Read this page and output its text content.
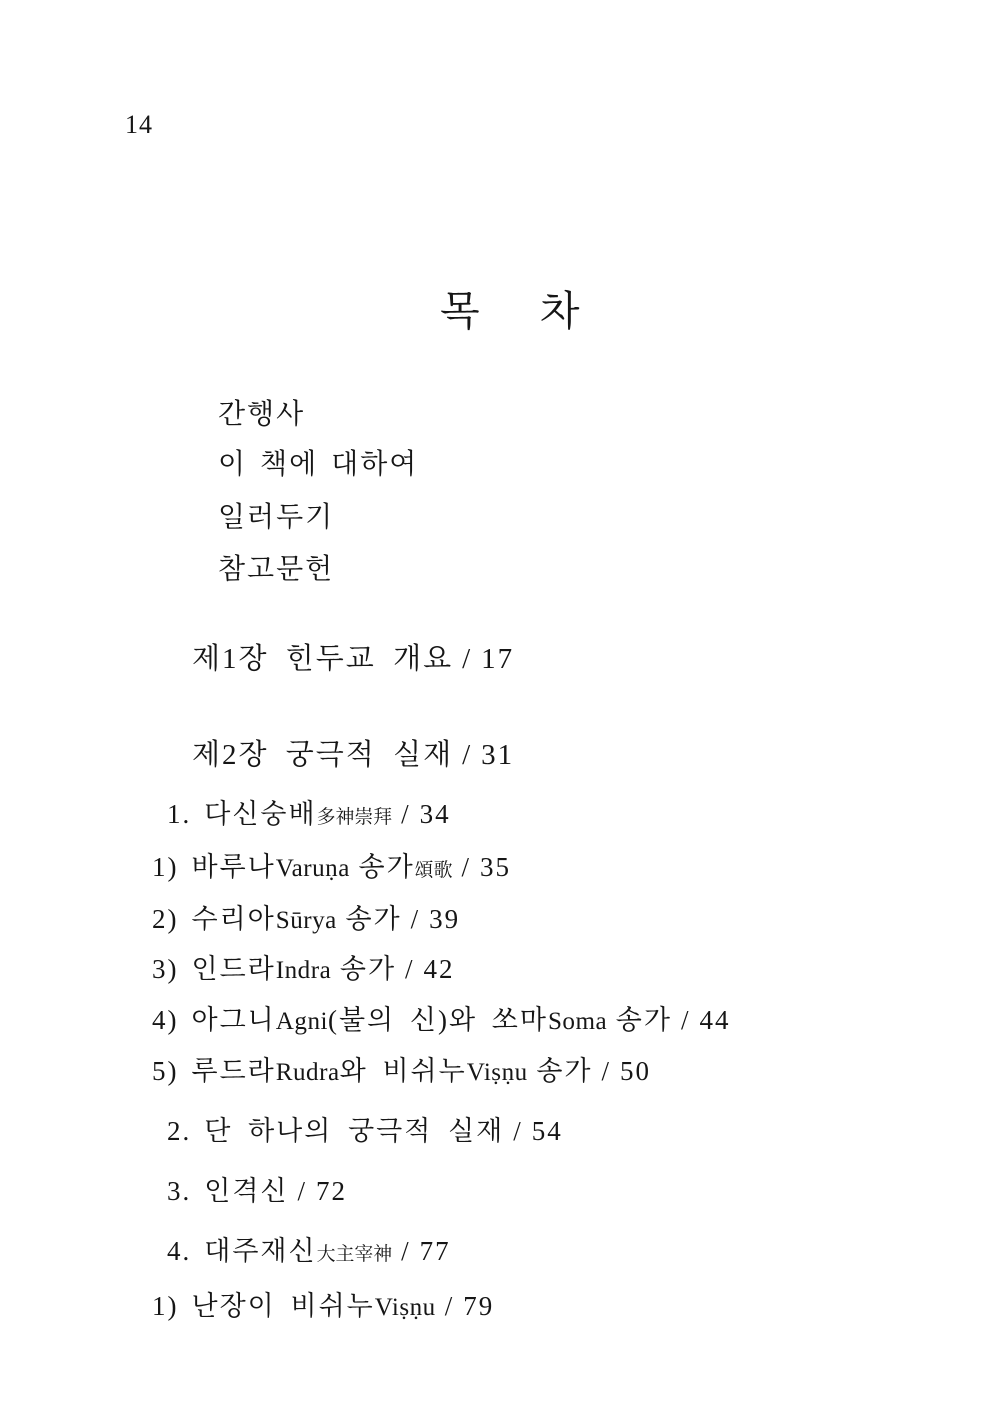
14
목 차
간행사
이 책에 대하여
일러두기
참고문헌
제1장 힌두교 개요 / 17
제2장 궁극적 실재 / 31
1. 다신숭배多神崇拜 / 34
1) 바루나Varuṇa 송가頌歌 / 35
2) 수리아Sūrya 송가 / 39
3) 인드라Indra 송가 / 42
4) 아그니Agni(불의 신)와 쏘마Soma 송가 / 44
5) 루드라Rudra와 비쉬누Viṣṇu 송가 / 50
2. 단 하나의 궁극적 실재 / 54
3. 인격신 / 72
4. 대주재신大主宰神 / 77
1) 난장이 비쉬누Viṣṇu / 79
